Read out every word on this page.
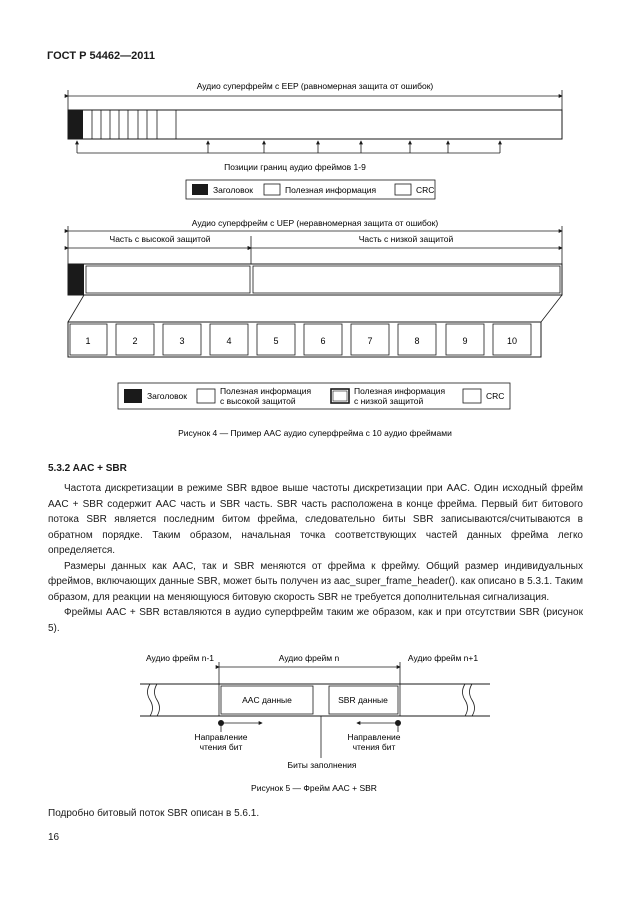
ГОСТ Р 54462—2011
Аудио суперфрейм с EEP (равномерная защита от ошибок)
Позиции границ аудио фреймов 1-9
Заголовок	Полезная информация	CRC
Аудио суперфрейм с UEP (неравномерная защита от ошибок)
Часть с высокой защитой	Часть с низкой защитой
1	2	3	4	5	6	7	8	9	10
Заголовок	Полезная информация
с высокой защитой
Полезная информация
с низкой защитой	CRC
Рисунок 4 — Пример AAC аудио суперфрейма с 10 аудио фреймами
5.3.2 AAC + SBR

Частота дискретизации в режиме SBR вдвое выше частоты дискретизации при AAC. Один исходный фрейм AAC + SBR содержит AAC часть и SBR часть. SBR часть расположена в конце фрейма. Первый бит битового потока SBR является последним битом фрейма, следовательно биты SBR записываются/считываются в обратном порядке. Таким образом, начальная точка соответствующих частей данных фрейма легко определяется.

Размеры данных как AAC, так и SBR меняются от фрейма к фрейму. Общий размер индивидуальных фреймов, включающих данные SBR, может быть получен из aac_super_frame_header(). как описано в 5.3.1. Таким образом, для реакции на меняющуюся битовую скорость SBR не требуется дополнительная сигнализация.

Фреймы AAC + SBR вставляются в аудио суперфрейм таким же образом, как и при отсутствии SBR (рисунок 5).

Аудио фрейм n-1	Аудио фрейм n	Аудио фрейм n+1
AAC данные	SBR данные
Направление
чтения бит
Направление
чтения бит
Биты заполнения
Рисунок 5 — Фрейм AAC + SBR
Подробно битовый поток SBR описан в 5.6.1.
16
